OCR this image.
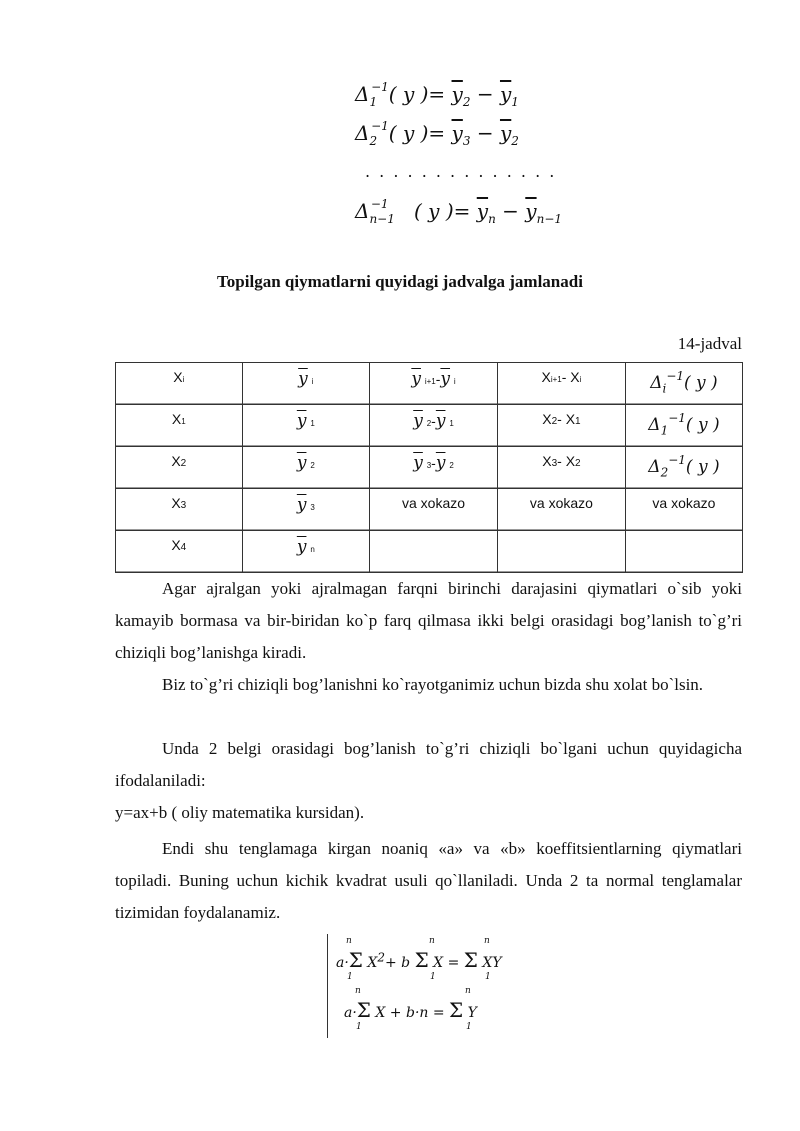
$\Delta_1^{-1}$( y )= $\overline{y}_2 - \overline{y}_1$
$\Delta_2^{-1}$( y )= $\overline{y}_3 - \overline{y}_2$
. . . . . . . . . . . . . .
$\Delta_{n-1}^{-1}$    ( y )= $\overline{y}_n - \overline{y}_{n-1}$
Topilgan qiymatlarni quyidagi jadvalga jamlanadi
14-jadval
Xi	$\overline{y}$ i	$\overline{y}$ $i+1-\overline{y}$ i	Xi+1- Xi	$\Delta_i^{-1}$( y )
X1	$\overline{y}$ 1	$\overline{y}$ $2-\overline{y}$ 1	X2- X1	$\Delta_1^{-1}$( y )
X2	$\overline{y}$ 2	$\overline{y}$ $3-\overline{y}$ 2	X3- X2	$\Delta_2^{-1}$( y )
X3	$\overline{y}$ 3	va xokazo	va xokazo	va xokazo
X4	$\overline{y}$ n			
Agar ajralgan yoki ajralmagan farqni birinchi darajasini qiymatlari o`sib yoki kamayib bormasa va bir-biridan ko`p farq qilmasa ikki belgi orasidagi bog’lanish to`g’ri chiziqli bog’lanishga kiradi.
Biz to`g’ri chiziqli bog’lanishni ko`rayotganimiz uchun bizda shu xolat bo`lsin.
Unda 2 belgi orasidagi bog’lanish to`g’ri chiziqli bo`lgani uchun quyidagicha ifodalaniladi:
y=ax+b ( oliy matematika kursidan).
Endi shu tenglamaga kirgan noaniq «a» va «b» koeffitsientlarning qiymatlari topiladi. Buning uchun kichik kvadrat usuli qo`llaniladi. Unda 2 ta normal tenglamalar tizimidan foydalanamiz.
a·Σ $X^2+ b$ Σ X = Σ XY
n
1
n
1
n
1
a·Σ X + b·n = Σ Y
n
1
n
1
